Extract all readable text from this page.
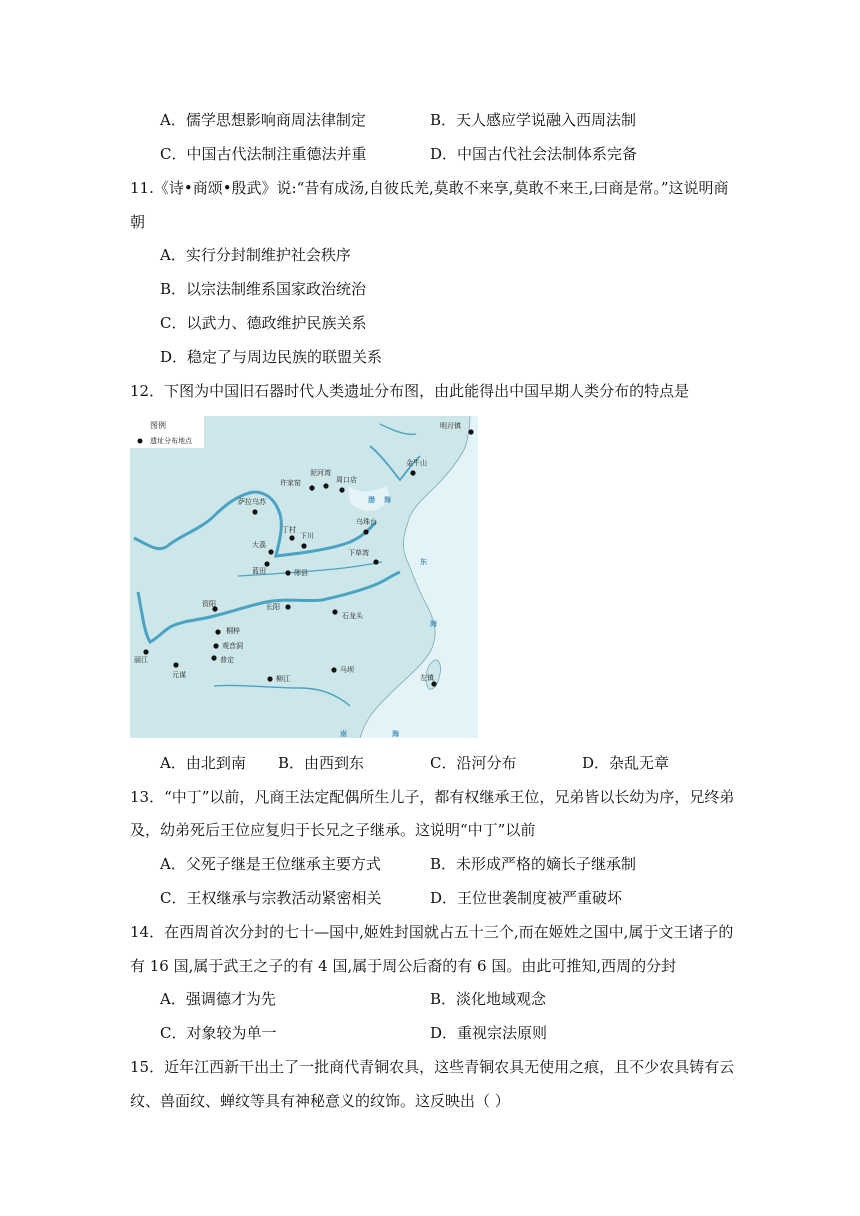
A．儒学思想影响商周法律制定	B．天人感应学说融入西周法制
C．中国古代法制注重德法并重	D．中国古代社会法制体系完备
11.《诗•商颂•殷武》说:“昔有成汤,自彼氐羌,莫敢不来享,莫敢不来王,曰商是常。”这说明商
朝
A．实行分封制维护社会秩序
B．以宗法制维系国家政治统治
C．以武力、德政维护民族关系
D．稳定了与周边民族的联盟关系
12．下图为中国旧石器时代人类遗址分布图，由此能得出中国早期人类分布的特点是
图例
遗址分布地点
明月镇
金牛山
许家窑
泥河湾
周口店
萨拉乌苏
乌珠台
丁村
下川
大荔
下草湾
蓝田	郧县
资阳	长阳
石龙头
桐梓
观音洞
丽江	普定
元谋
马坝
柳江	左镇
渤 海
东
海
南	海
A．由北到南 B．由西到东	C．沿河分布	D．杂乱无章
13．“中丁”以前，凡商王法定配偶所生儿子，都有权继承王位，兄弟皆以长幼为序，兄终弟
及，幼弟死后王位应复归于长兄之子继承。这说明“中丁”以前
A．父死子继是王位继承主要方式	B．未形成严格的嫡长子继承制
C．王权继承与宗教活动紧密相关	D．王位世袭制度被严重破坏
14．在西周首次分封的七十—国中,姬姓封国就占五十三个,而在姬姓之国中,属于文王诸子的
有 16 国,属于武王之子的有 4 国,属于周公后裔的有 6 国。由此可推知,西周的分封
A．强调德才为先	B．淡化地域观念
C．对象较为单一	D．重视宗法原则
15．近年江西新干出土了一批商代青铜农具，这些青铜农具无使用之痕，且不少农具铸有云
纹、兽面纹、蝉纹等具有神秘意义的纹饰。这反映出（ ）
